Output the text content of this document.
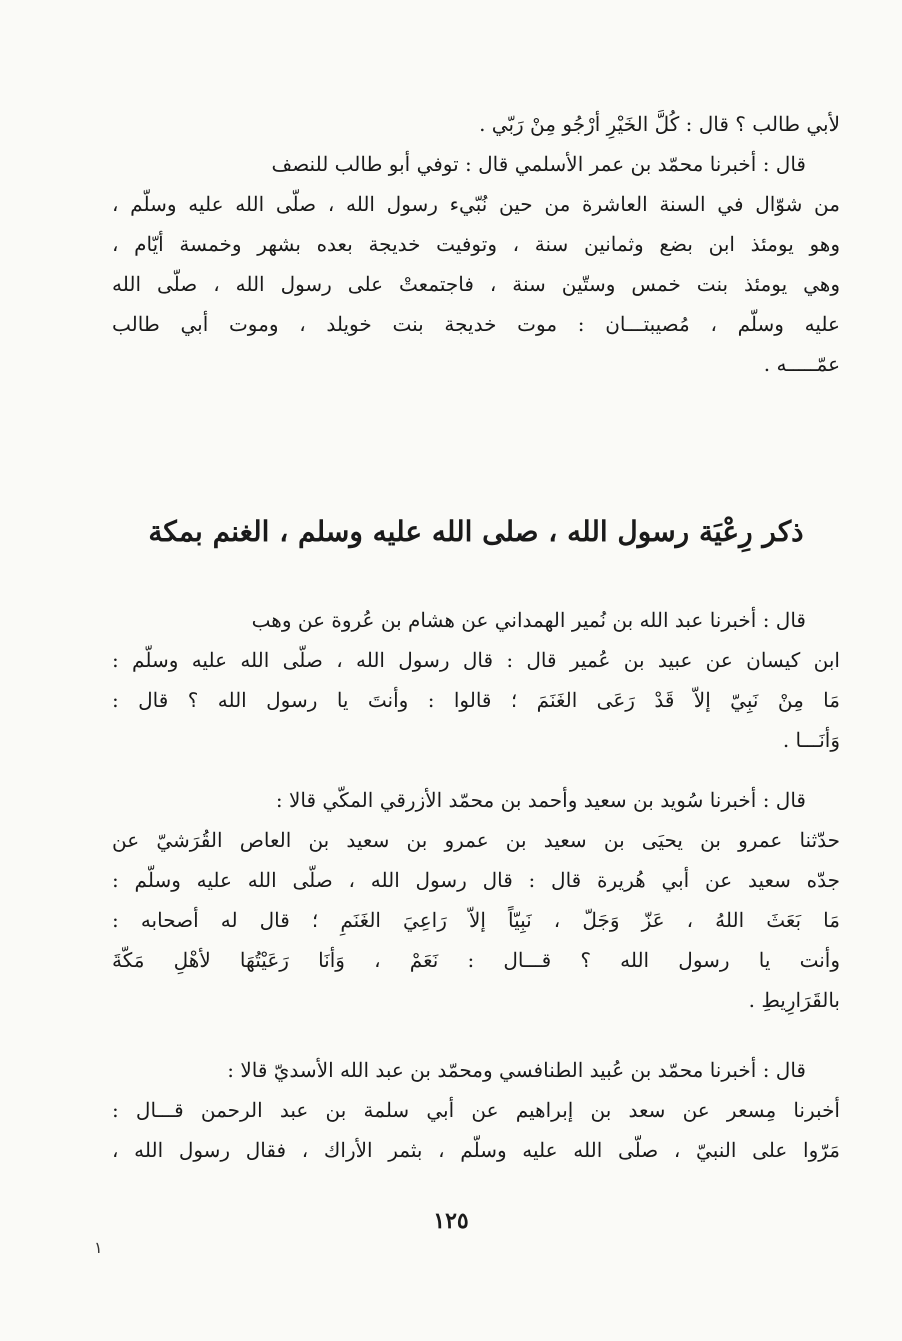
لأبي طالب ؟ قال : كُلَّ الخَيْرِ أرْجُو مِنْ رَبّي .
قال : أخبرنا محمّد بن عمر الأسلمي قال : توفي أبو طالب للنصف
من شوّال في السنة العاشرة من حين نُبّيء رسول الله ، صلّى الله عليه وسلّم ،
وهو يومئذ ابن بضع وثمانين سنة ، وتوفيت خديجة بعده بشهر وخمسة أيّام ،
وهي يومئذ بنت خمس وستّين سنة ، فاجتمعتْ على رسول الله ، صلّى الله
عليه وسلّم ، مُصيبتـــان : موت خديجة بنت خويلد ، وموت أبي طالب
عمّـــــه .
ذكر رِعْيَة رسول الله ، صلى الله عليه وسلم ، الغنم بمكة
قال : أخبرنا عبد الله بن نُمير الهمداني عن هشام بن عُروة عن وهب
ابن كيسان عن عبيد بن عُمير قال : قال رسول الله ، صلّى الله عليه وسلّم :
مَا مِنْ نَبِيّ إلاّ قَدْ رَعَى الغَنَمَ ؛ قالوا : وأنتَ يا رسول الله ؟ قال :
وَأنَـــا .
قال : أخبرنا سُويد بن سعيد وأحمد بن محمّد الأزرقي المكّي قالا :
حدّثنا عمرو بن يحيَى بن سعيد بن عمرو بن سعيد بن العاص القُرَشيّ عن
جدّه سعيد عن أبي هُريرة قال : قال رسول الله ، صلّى الله عليه وسلّم :
مَا بَعَثَ اللهُ ، عَزّ وَجَلّ ، نَبِيّاً إلاّ رَاعِيَ الغَنَمِ ؛ قال له أصحابه :
وأنت يا رسول الله ؟ قـــال : نَعَمْ ، وَأنَا رَعَيْتُهَا لأهْلِ مَكّةَ
بالقَرَارِيطِ .
قال : أخبرنا محمّد بن عُبيد الطنافسي ومحمّد بن عبد الله الأسديّ قالا :
أخبرنا مِسعر عن سعد بن إبراهيم عن أبي سلمة بن عبد الرحمن قـــال :
مَرّوا على النبيّ ، صلّى الله عليه وسلّم ، بثمر الأراك ، فقال رسول الله ،
١٢٥
١
